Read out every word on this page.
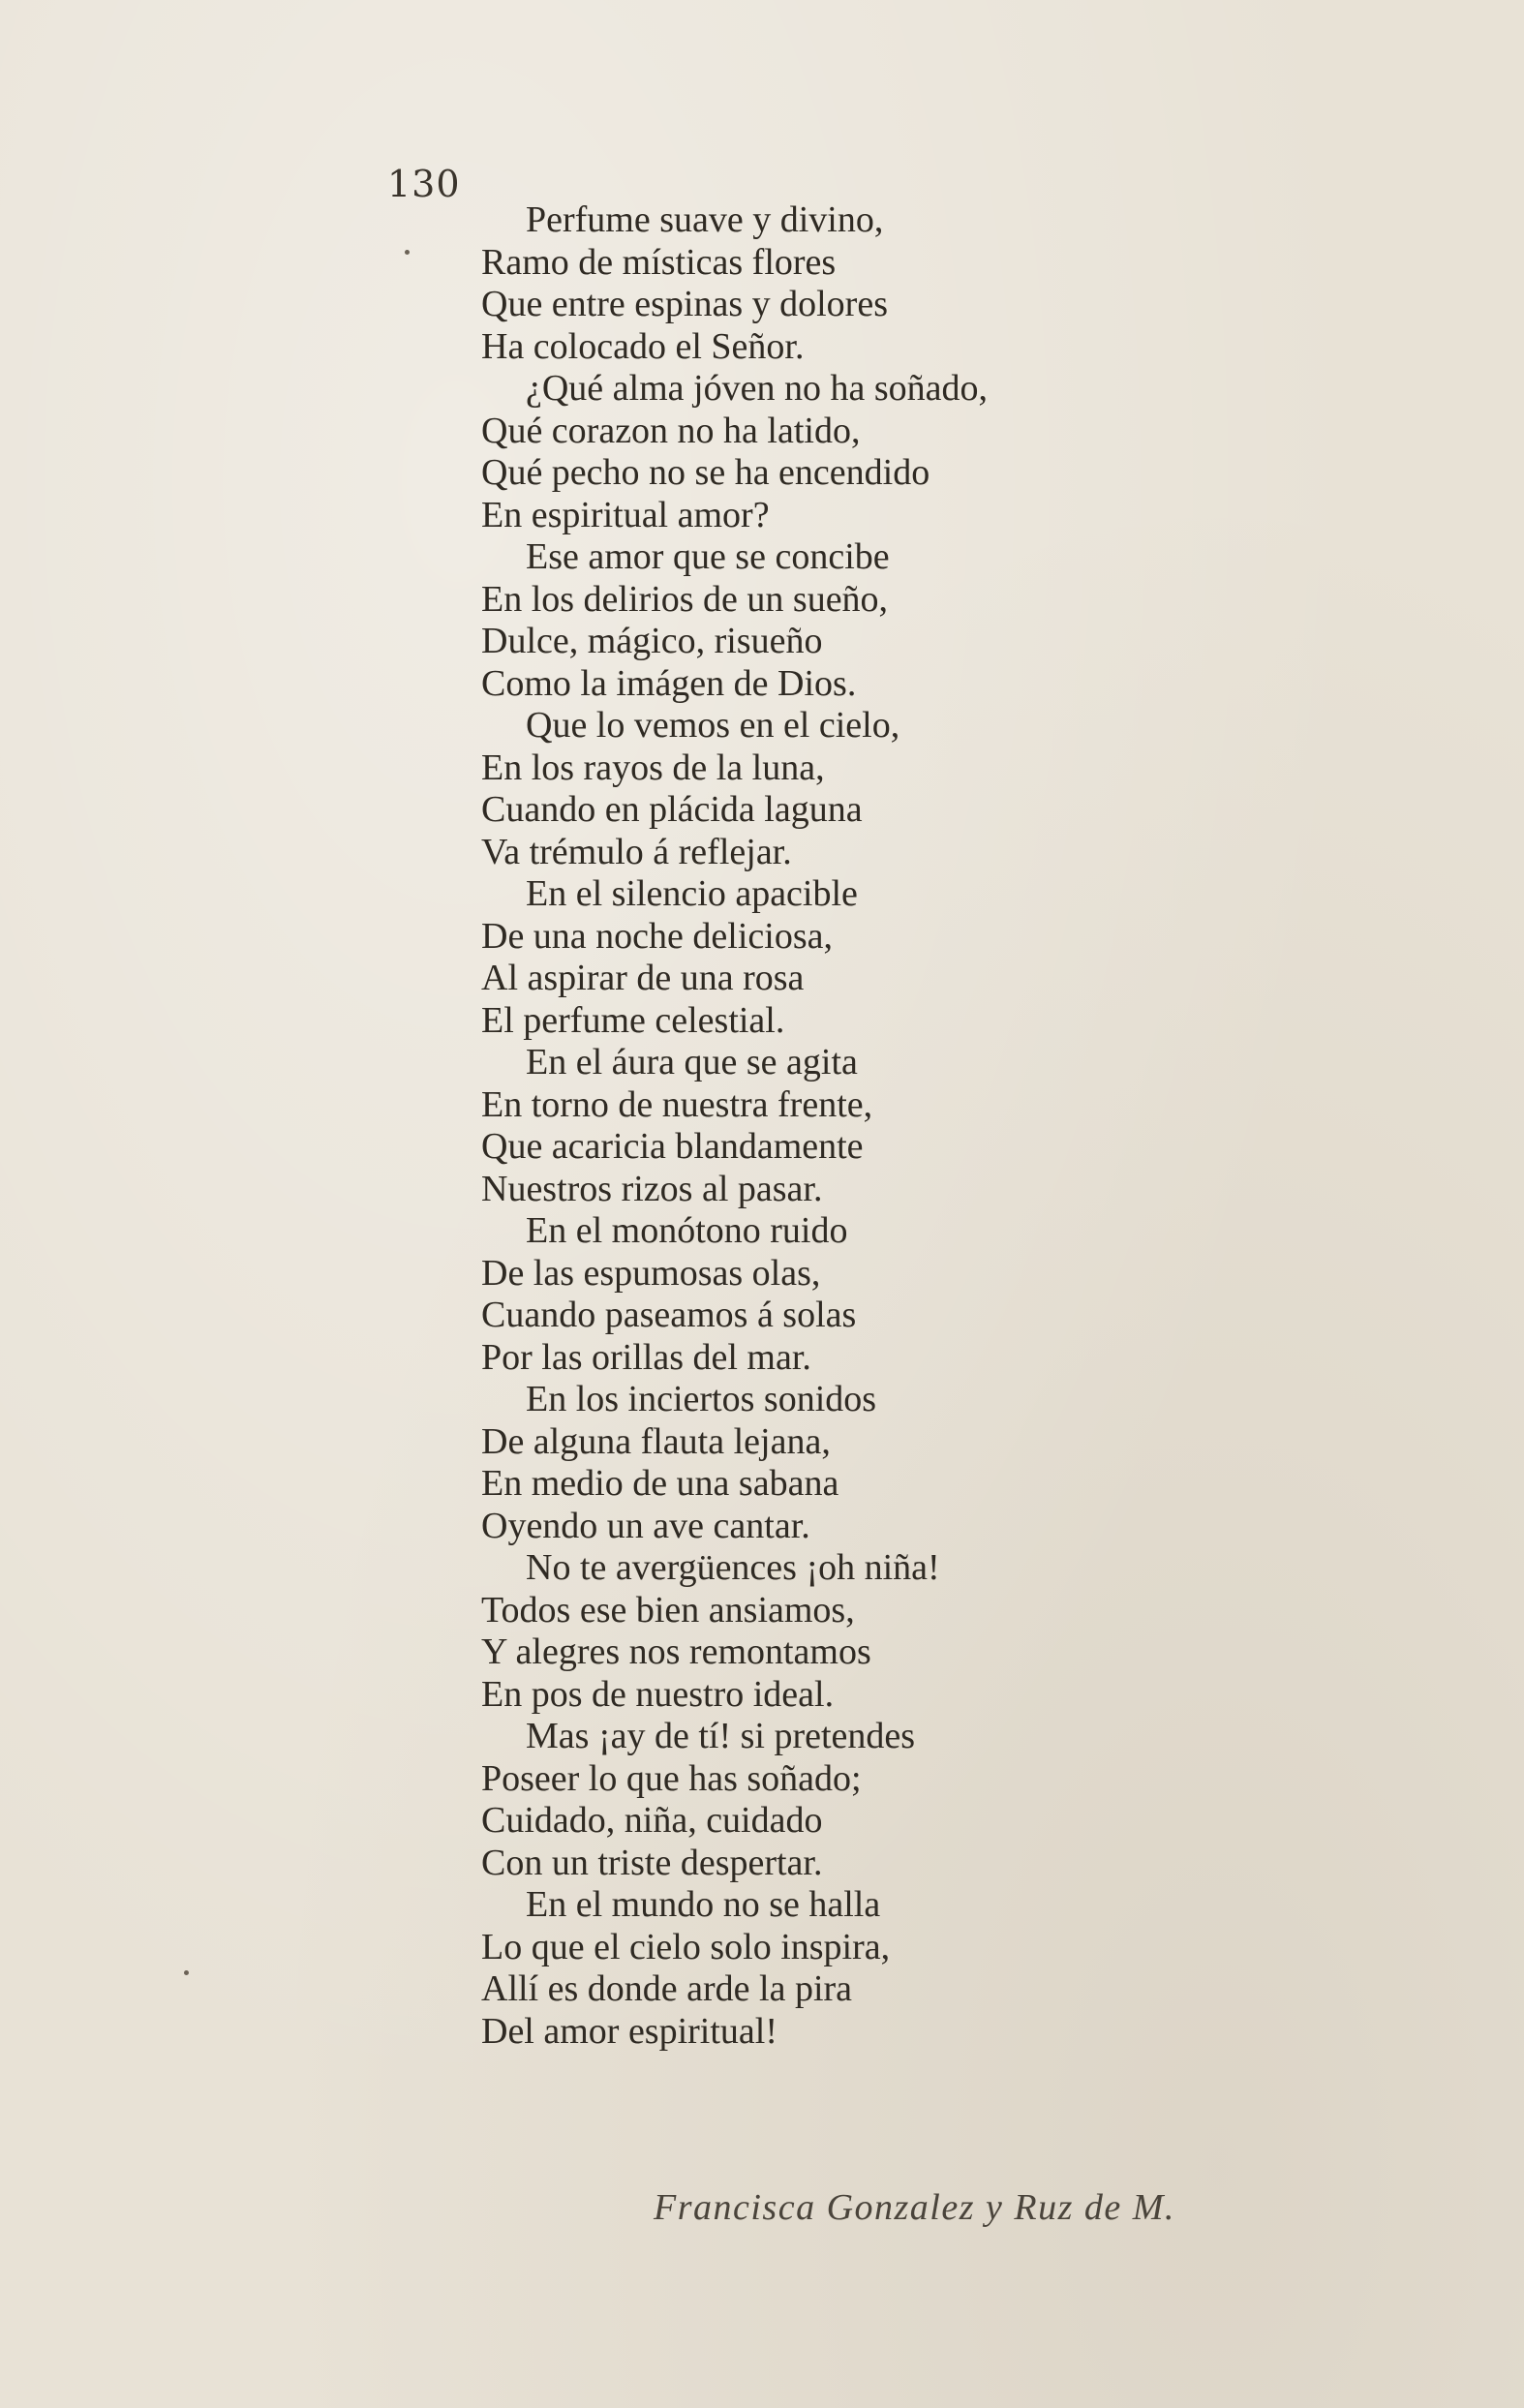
130
Perfume suave y divino,
Ramo de místicas flores
Que entre espinas y dolores
Ha colocado el Señor.
¿Qué alma jóven no ha soñado,
Qué corazon no ha latido,
Qué pecho no se ha encendido
En espiritual amor?
Ese amor que se concibe
En los delirios de un sueño,
Dulce, mágico, risueño
Como la imágen de Dios.
Que lo vemos en el cielo,
En los rayos de la luna,
Cuando en plácida laguna
Va trémulo á reflejar.
En el silencio apacible
De una noche deliciosa,
Al aspirar de una rosa
El perfume celestial.
En el áura que se agita
En torno de nuestra frente,
Que acaricia blandamente
Nuestros rizos al pasar.
En el monótono ruido
De las espumosas olas,
Cuando paseamos á solas
Por las orillas del mar.
En los inciertos sonidos
De alguna flauta lejana,
En medio de una sabana
Oyendo un ave cantar.
No te avergüences ¡oh niña!
Todos ese bien ansiamos,
Y alegres nos remontamos
En pos de nuestro ideal.
Mas ¡ay de tí! si pretendes
Poseer lo que has soñado;
Cuidado, niña, cuidado
Con un triste despertar.
En el mundo no se halla
Lo que el cielo solo inspira,
Allí es donde arde la pira
Del amor espiritual!
Francisca Gonzalez y Ruz de M.
